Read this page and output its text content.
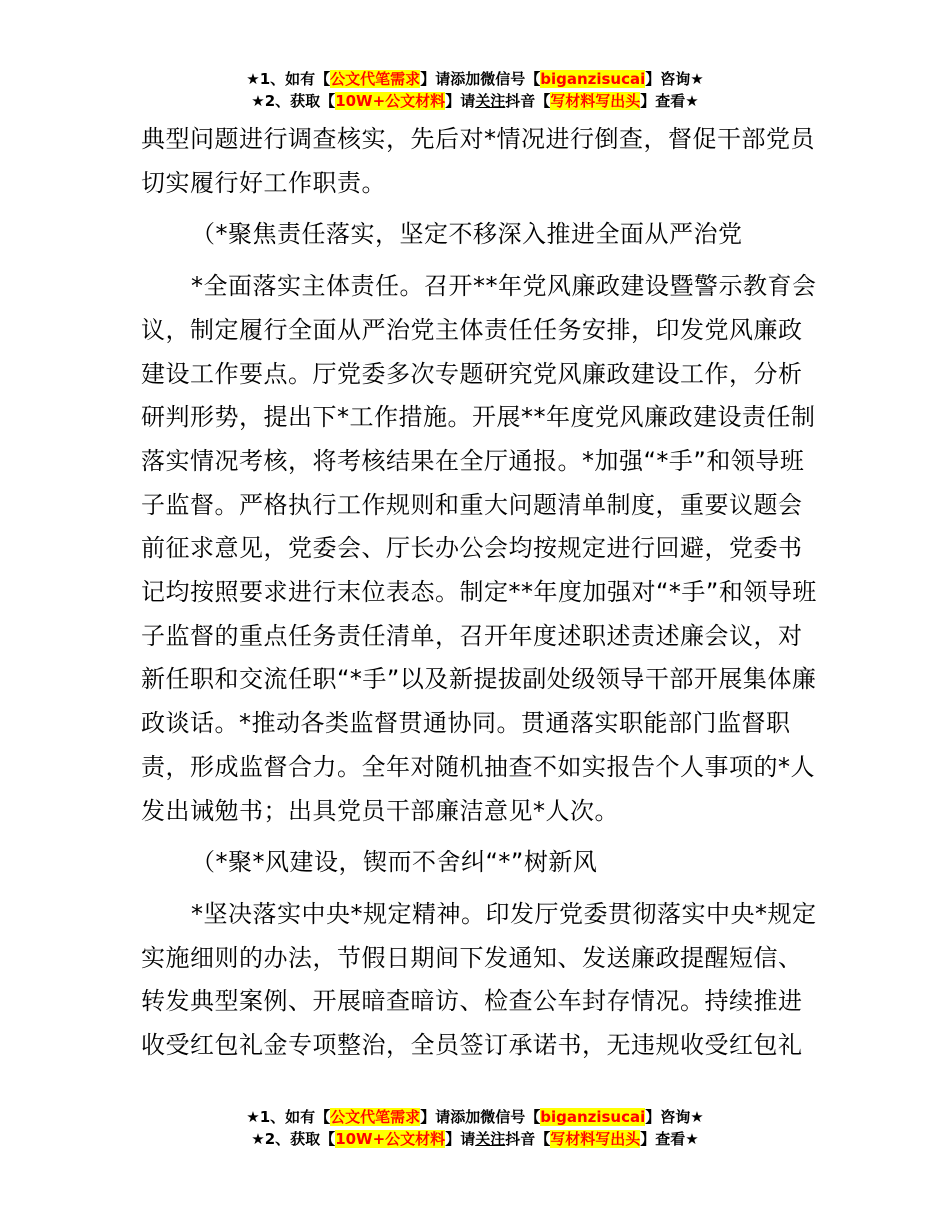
★1、如有【公文代笔需求】请添加微信号【biganzisucai】咨询★
★2、获取【10W+公文材料】请关注抖音【写材料写出头】查看★

典型问题进行调查核实，先后对*情况进行倒查，督促干部党员切实履行好工作职责。

（*聚焦责任落实，坚定不移深入推进全面从严治党

*全面落实主体责任。召开**年党风廉政建设暨警示教育会议，制定履行全面从严治党主体责任任务安排，印发党风廉政建设工作要点。厅党委多次专题研究党风廉政建设工作，分析研判形势，提出下*工作措施。开展**年度党风廉政建设责任制落实情况考核，将考核结果在全厅通报。*加强“*手”和领导班子监督。严格执行工作规则和重大问题清单制度，重要议题会前征求意见，党委会、厅长办公会均按规定进行回避，党委书记均按照要求进行末位表态。制定**年度加强对“*手”和领导班子监督的重点任务责任清单，召开年度述职述责述廉会议，对新任职和交流任职“*手”以及新提拔副处级领导干部开展集体廉政谈话。*推动各类监督贯通协同。贯通落实职能部门监督职责，形成监督合力。全年对随机抽查不如实报告个人事项的*人发出诫勉书；出具党员干部廉洁意见*人次。

（*聚*风建设，锲而不舍纠“*”树新风

*坚决落实中央*规定精神。印发厅党委贯彻落实中央*规定实施细则的办法，节假日期间下发通知、发送廉政提醒短信、转发典型案例、开展暗查暗访、检查公车封存情况。持续推进收受红包礼金专项整治，全员签订承诺书，无违规收受红包礼

★1、如有【公文代笔需求】请添加微信号【biganzisucai】咨询★
★2、获取【10W+公文材料】请关注抖音【写材料写出头】查看★
